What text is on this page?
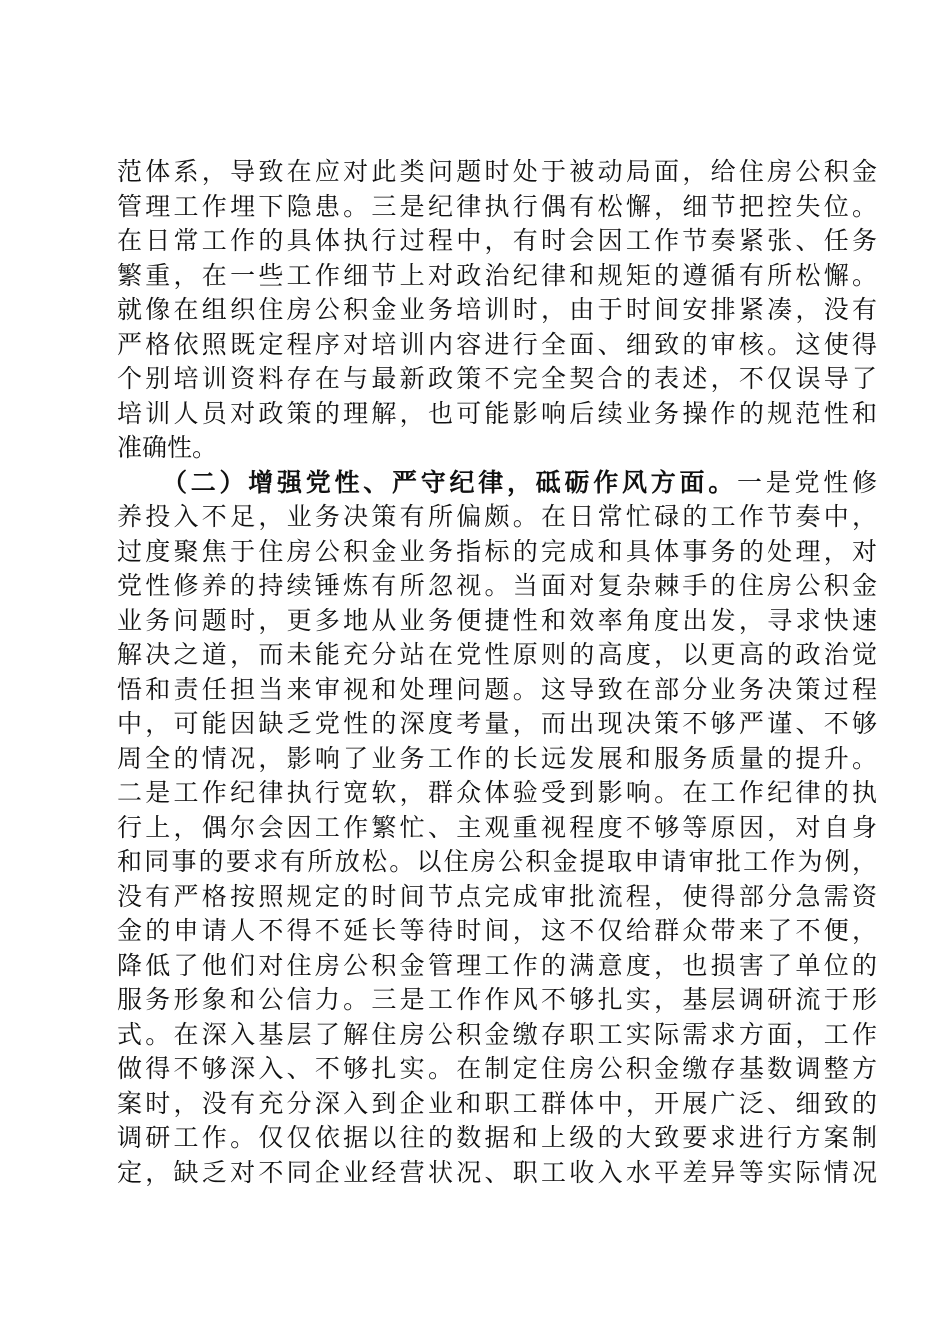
范体系，导致在应对此类问题时处于被动局面，给住房公积金
管理工作埋下隐患。三是纪律执行偶有松懈，细节把控失位。
在日常工作的具体执行过程中，有时会因工作节奏紧张、任务
繁重，在一些工作细节上对政治纪律和规矩的遵循有所松懈。
就像在组织住房公积金业务培训时，由于时间安排紧凑，没有
严格依照既定程序对培训内容进行全面、细致的审核。这使得
个别培训资料存在与最新政策不完全契合的表述，不仅误导了
培训人员对政策的理解，也可能影响后续业务操作的规范性和
准确性。
　　（二）增强党性、严守纪律，砥砺作风方面。一是党性修
养投入不足，业务决策有所偏颇。在日常忙碌的工作节奏中，
过度聚焦于住房公积金业务指标的完成和具体事务的处理，对
党性修养的持续锤炼有所忽视。当面对复杂棘手的住房公积金
业务问题时，更多地从业务便捷性和效率角度出发，寻求快速
解决之道，而未能充分站在党性原则的高度，以更高的政治觉
悟和责任担当来审视和处理问题。这导致在部分业务决策过程
中，可能因缺乏党性的深度考量，而出现决策不够严谨、不够
周全的情况，影响了业务工作的长远发展和服务质量的提升。
二是工作纪律执行宽软，群众体验受到影响。在工作纪律的执
行上，偶尔会因工作繁忙、主观重视程度不够等原因，对自身
和同事的要求有所放松。以住房公积金提取申请审批工作为例，
没有严格按照规定的时间节点完成审批流程，使得部分急需资
金的申请人不得不延长等待时间，这不仅给群众带来了不便，
降低了他们对住房公积金管理工作的满意度，也损害了单位的
服务形象和公信力。三是工作作风不够扎实，基层调研流于形
式。在深入基层了解住房公积金缴存职工实际需求方面，工作
做得不够深入、不够扎实。在制定住房公积金缴存基数调整方
案时，没有充分深入到企业和职工群体中，开展广泛、细致的
调研工作。仅仅依据以往的数据和上级的大致要求进行方案制
定，缺乏对不同企业经营状况、职工收入水平差异等实际情况
